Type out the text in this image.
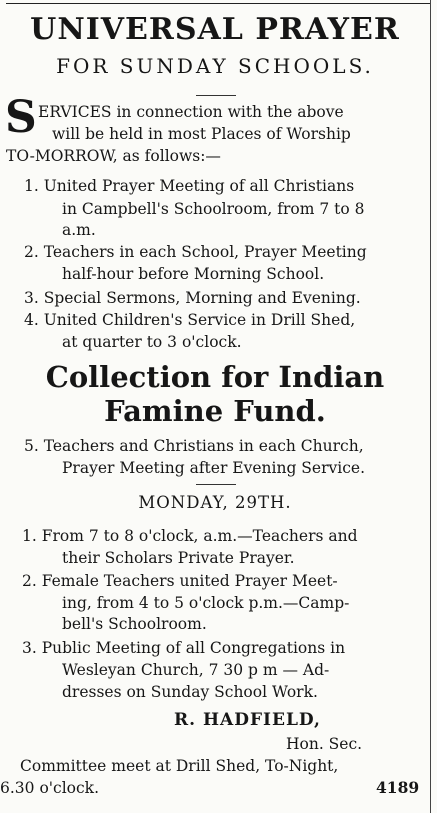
UNIVERSAL PRAYER
FOR SUNDAY SCHOOLS.
S ERVICES in connection with the above
will be held in most Places of Worship
TO-MORROW, as follows:—
1. United Prayer Meeting of all Christians
in Campbell's Schoolroom, from 7 to 8
a.m.
2. Teachers in each School, Prayer Meeting
half-hour before Morning School.
3. Special Sermons, Morning and Evening.
4. United Children's Service in Drill Shed,
at quarter to 3 o'clock.
Collection for Indian
Famine Fund.
5. Teachers and Christians in each Church,
Prayer Meeting after Evening Service.
MONDAY, 29TH.
1. From 7 to 8 o'clock, a.m.—Teachers and
their Scholars Private Prayer.
2. Female Teachers united Prayer Meet-
ing, from 4 to 5 o'clock p.m.—Camp-
bell's Schoolroom.
3. Public Meeting of all Congregations in
Wesleyan Church, 7 30 p m — Ad-
dresses on Sunday School Work.
R. HADFIELD,
Hon. Sec.
Committee meet at Drill Shed, To-Night,
6.30 o'clock.	4189
